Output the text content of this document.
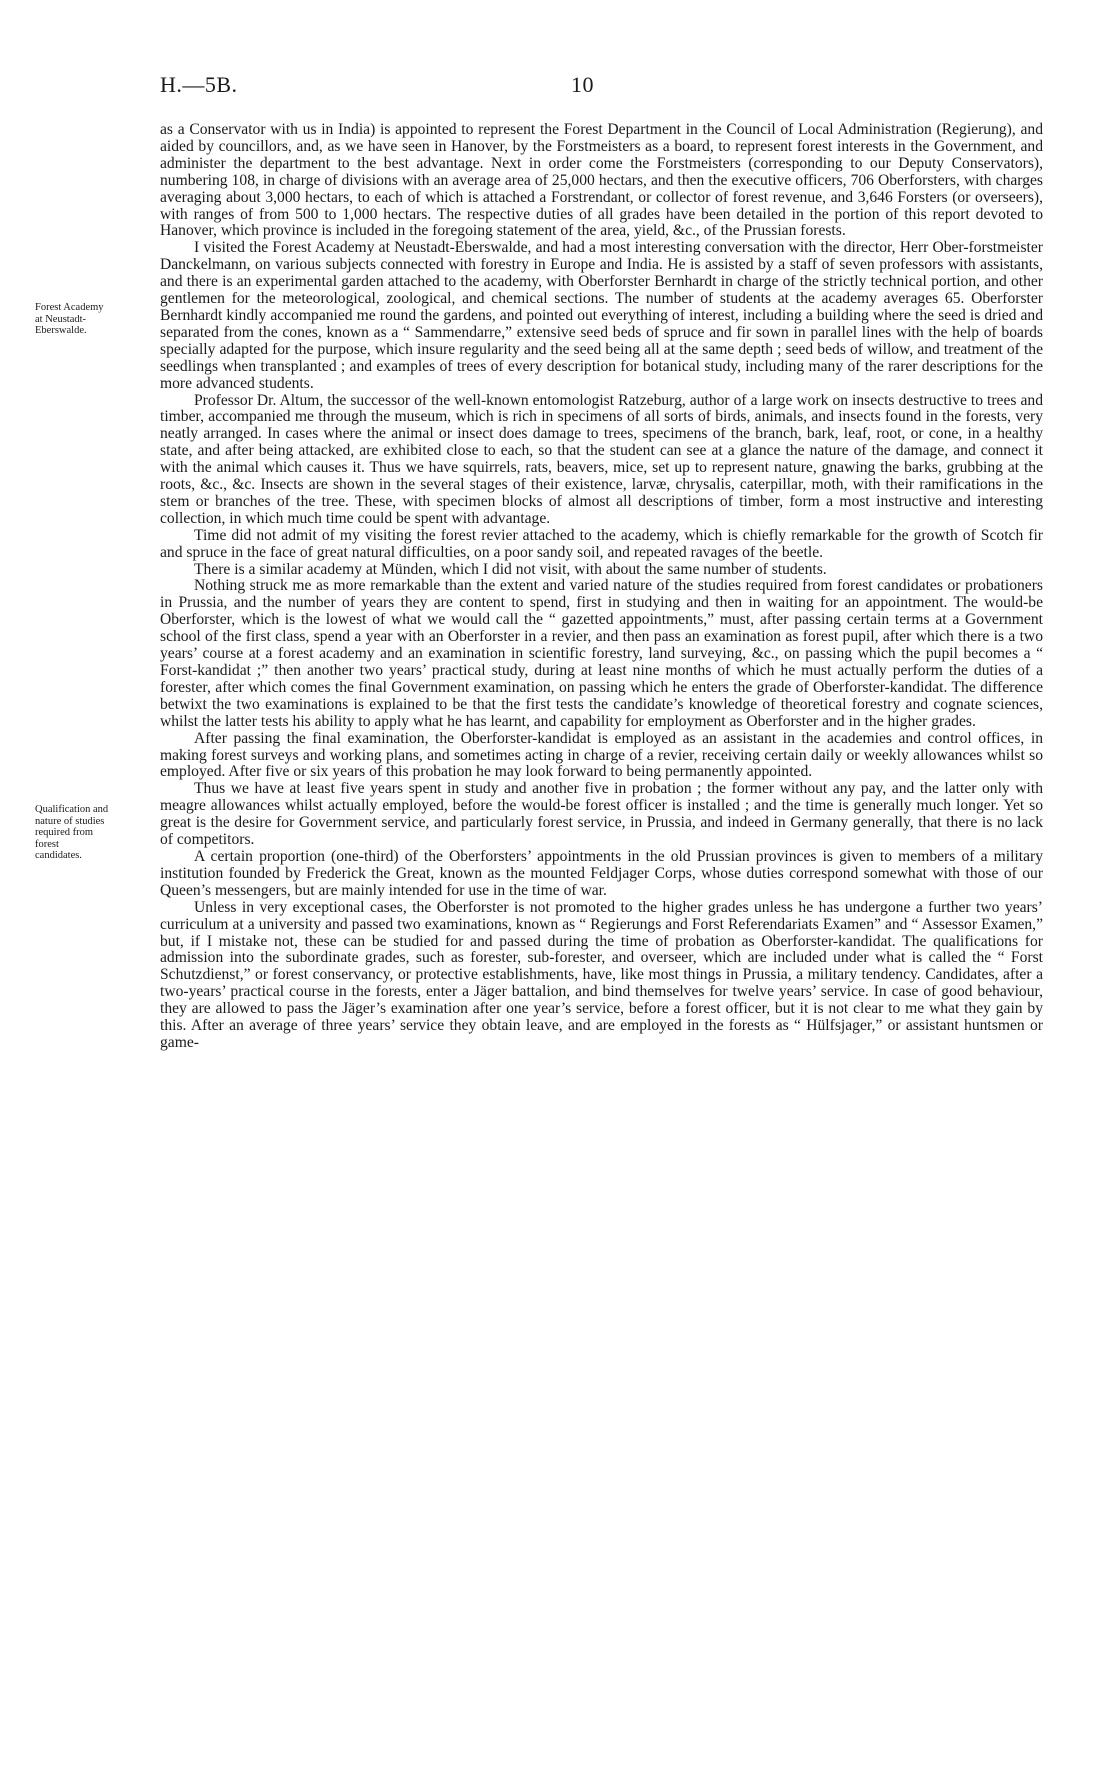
H.—5B.	10
Forest Academy
at Neustadt-
Eberswalde.
Qualification and
nature of studies
required from
forest
candidates.

as a Conservator with us in India) is appointed to represent the Forest Department in the Council of Local Administration (Regierung), and aided by councillors, and, as we have seen in Hanover, by the Forstmeisters as a board, to represent forest interests in the Government, and administer the department to the best advantage. Next in order come the Forstmeisters (corresponding to our Deputy Conservators), numbering 108, in charge of divisions with an average area of 25,000 hectars, and then the executive officers, 706 Oberforsters, with charges averaging about 3,000 hectars, to each of which is attached a Forstrendant, or collector of forest revenue, and 3,646 Forsters (or overseers), with ranges of from 500 to 1,000 hectars. The respective duties of all grades have been detailed in the portion of this report devoted to Hanover, which province is included in the foregoing statement of the area, yield, &c., of the Prussian forests.

I visited the Forest Academy at Neustadt-Eberswalde, and had a most interesting conversation with the director, Herr Ober-forstmeister Danckelmann, on various subjects connected with forestry in Europe and India. He is assisted by a staff of seven professors with assistants, and there is an experimental garden attached to the academy, with Oberforster Bernhardt in charge of the strictly technical portion, and other gentlemen for the meteorological, zoological, and chemical sections. The number of students at the academy averages 65. Oberforster Bernhardt kindly accompanied me round the gardens, and pointed out everything of interest, including a building where the seed is dried and separated from the cones, known as a “ Sammendarre,” extensive seed beds of spruce and fir sown in parallel lines with the help of boards specially adapted for the purpose, which insure regularity and the seed being all at the same depth ; seed beds of willow, and treatment of the seedlings when transplanted ; and examples of trees of every description for botanical study, including many of the rarer descriptions for the more advanced students.

Professor Dr. Altum, the successor of the well-known entomologist Ratzeburg, author of a large work on insects destructive to trees and timber, accompanied me through the museum, which is rich in specimens of all sorts of birds, animals, and insects found in the forests, very neatly arranged. In cases where the animal or insect does damage to trees, specimens of the branch, bark, leaf, root, or cone, in a healthy state, and after being attacked, are exhibited close to each, so that the student can see at a glance the nature of the damage, and connect it with the animal which causes it. Thus we have squirrels, rats, beavers, mice, set up to represent nature, gnawing the barks, grubbing at the roots, &c., &c. Insects are shown in the several stages of their existence, larvæ, chrysalis, caterpillar, moth, with their ramifications in the stem or branches of the tree. These, with specimen blocks of almost all descriptions of timber, form a most instructive and interesting collection, in which much time could be spent with advantage.

Time did not admit of my visiting the forest revier attached to the academy, which is chiefly remarkable for the growth of Scotch fir and spruce in the face of great natural difficulties, on a poor sandy soil, and repeated ravages of the beetle.

There is a similar academy at Münden, which I did not visit, with about the same number of students.

Nothing struck me as more remarkable than the extent and varied nature of the studies required from forest candidates or probationers in Prussia, and the number of years they are content to spend, first in studying and then in waiting for an appointment. The would-be Oberforster, which is the lowest of what we would call the “ gazetted appointments,” must, after passing certain terms at a Government school of the first class, spend a year with an Oberforster in a revier, and then pass an examination as forest pupil, after which there is a two years’ course at a forest academy and an examination in scientific forestry, land surveying, &c., on passing which the pupil becomes a “ Forst-kandidat ;” then another two years’ practical study, during at least nine months of which he must actually perform the duties of a forester, after which comes the final Government examination, on passing which he enters the grade of Oberforster-kandidat. The difference betwixt the two examinations is explained to be that the first tests the candidate’s knowledge of theoretical forestry and cognate sciences, whilst the latter tests his ability to apply what he has learnt, and capability for employment as Oberforster and in the higher grades.

After passing the final examination, the Oberforster-kandidat is employed as an assistant in the academies and control offices, in making forest surveys and working plans, and sometimes acting in charge of a revier, receiving certain daily or weekly allowances whilst so employed. After five or six years of this probation he may look forward to being permanently appointed.

Thus we have at least five years spent in study and another five in probation ; the former without any pay, and the latter only with meagre allowances whilst actually employed, before the would-be forest officer is installed ; and the time is generally much longer. Yet so great is the desire for Government service, and particularly forest service, in Prussia, and indeed in Germany generally, that there is no lack of competitors.

A certain proportion (one-third) of the Oberforsters’ appointments in the old Prussian provinces is given to members of a military institution founded by Frederick the Great, known as the mounted Feldjager Corps, whose duties correspond somewhat with those of our Queen’s messengers, but are mainly intended for use in the time of war.

Unless in very exceptional cases, the Oberforster is not promoted to the higher grades unless he has undergone a further two years’ curriculum at a university and passed two examinations, known as “ Regierungs and Forst Referendariats Examen” and “ Assessor Examen,” but, if I mistake not, these can be studied for and passed during the time of probation as Oberforster-kandidat. The qualifications for admission into the subordinate grades, such as forester, sub-forester, and overseer, which are included under what is called the “ Forst Schutzdienst,” or forest conservancy, or protective establishments, have, like most things in Prussia, a military tendency. Candidates, after a two-years’ practical course in the forests, enter a Jäger battalion, and bind themselves for twelve years’ service. In case of good behaviour, they are allowed to pass the Jäger’s examination after one year’s service, before a forest officer, but it is not clear to me what they gain by this. After an average of three years’ service they obtain leave, and are employed in the forests as “ Hülfsjager,” or assistant huntsmen or game-
